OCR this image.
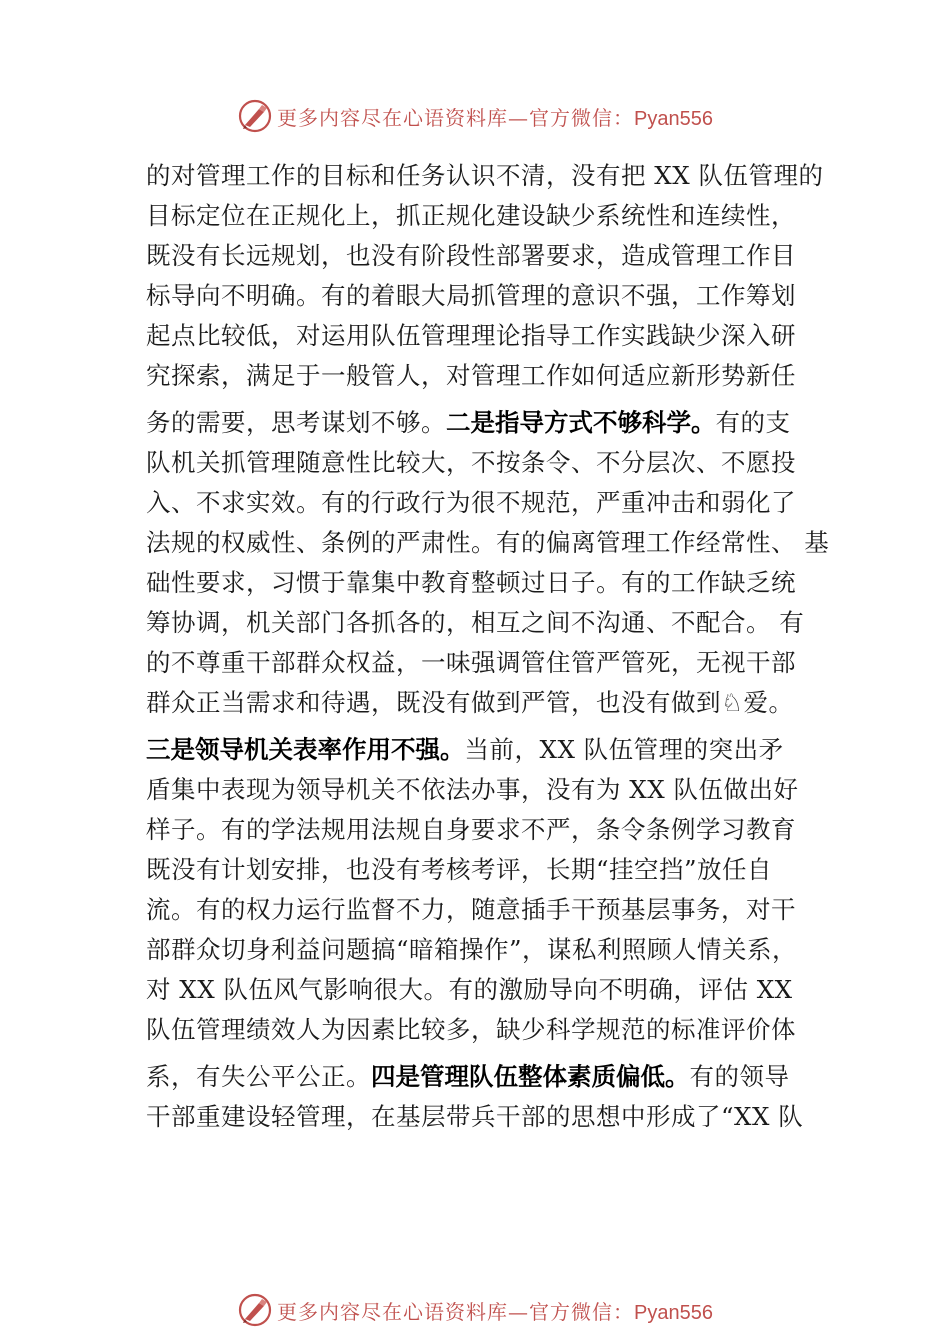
更多内容尽在心语资料库—官方微信：Pyan556
的对管理工作的目标和任务认识不清，没有把 XX 队伍管理的
目标定位在正规化上，抓正规化建设缺少系统性和连续性，
既没有长远规划，也没有阶段性部署要求，造成管理工作目
标导向不明确。有的着眼大局抓管理的意识不强，工作筹划
起点比较低，对运用队伍管理理论指导工作实践缺少深入研
究探索，满足于一般管人，对管理工作如何适应新形势新任
务的需要，思考谋划不够。二是指导方式不够科学。有的支
队机关抓管理随意性比较大，不按条令、不分层次、不愿投
入、不求实效。有的行政行为很不规范，严重冲击和弱化了
法规的权威性、条例的严肃性。有的偏离管理工作经常性、 基
础性要求，习惯于靠集中教育整顿过日子。有的工作缺乏统
筹协调，机关部门各抓各的，相互之间不沟通、不配合。 有
的不尊重干部群众权益，一味强调管住管严管死，无视干部
群众正当需求和待遇，既没有做到严管，也没有做到♘爱。
三是领导机关表率作用不强。当前，XX 队伍管理的突出矛
盾集中表现为领导机关不依法办事，没有为 XX 队伍做出好
样子。有的学法规用法规自身要求不严，条令条例学习教育
既没有计划安排，也没有考核考评，长期“挂空挡”放任自
流。有的权力运行监督不力，随意插手干预基层事务，对干
部群众切身利益问题搞“暗箱操作”，谋私利照顾人情关系，
对 XX 队伍风气影响很大。有的激励导向不明确，评估 XX
队伍管理绩效人为因素比较多，缺少科学规范的标准评价体
系，有失公平公正。四是管理队伍整体素质偏低。有的领导
干部重建设轻管理，在基层带兵干部的思想中形成了“XX 队
更多内容尽在心语资料库—官方微信：Pyan556
